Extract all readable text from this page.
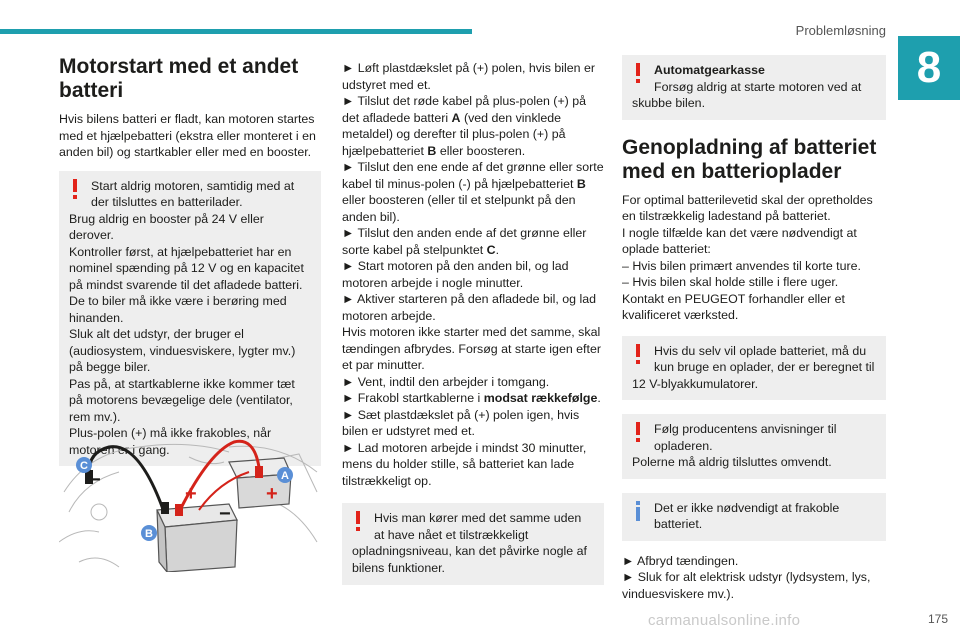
Problemløsning
8
Motorstart med et andet batteri

Hvis bilens batteri er fladt, kan motoren startes med et hjælpebatteri (ekstra eller monteret i en anden bil) og startkabler eller med en booster.

Start aldrig motoren, samtidig med at der tilsluttes en batterilader.

Brug aldrig en booster på 24 V eller derover.

Kontroller først, at hjælpebatteriet har en nominel spænding på 12 V og en kapacitet på mindst svarende til det afladede batteri.

De to biler må ikke være i berøring med hinanden.

Sluk alt det udstyr, der bruger el (audiosystem, vinduesviskere, lygter mv.) på begge biler.

Pas på, at startkablerne ikke kommer tæt på motorens bevægelige dele (ventilator, rem mv.).

Plus-polen (+) må ikke frakobles, når motoren er i gang.

+	+
−
−
C
A
B

► Løft plastdækslet på (+) polen, hvis bilen er udstyret med et.

► Tilslut det røde kabel på plus-polen (+) på det afladede batteri A (ved den vinklede metaldel) og derefter til plus-polen (+) på hjælpebatteriet B eller boosteren.

► Tilslut den ene ende af det grønne eller sorte kabel til minus-polen (-) på hjælpebatteriet B eller boosteren (eller til et stelpunkt på den anden bil).

► Tilslut den anden ende af det grønne eller sorte kabel på stelpunktet C.

► Start motoren på den anden bil, og lad motoren arbejde i nogle minutter.

► Aktiver starteren på den afladede bil, og lad motoren arbejde.

Hvis motoren ikke starter med det samme, skal tændingen afbrydes. Forsøg at starte igen efter et par minutter.

► Vent, indtil den arbejder i tomgang.

► Frakobl startkablerne i modsat rækkefølge.

► Sæt plastdækslet på (+) polen igen, hvis bilen er udstyret med et.

► Lad motoren arbejde i mindst 30 minutter, mens du holder stille, så batteriet kan lade tilstrækkeligt op.

Hvis man kører med det samme uden at have nået et tilstrækkeligt

opladningsniveau, kan det påvirke nogle af bilens funktioner.

Automatgearkasse
Forsøg aldrig at starte motoren ved at

skubbe bilen.

Genopladning af batteriet med en batterioplader

For optimal batterilevetid skal der opretholdes en tilstrækkelig ladestand på batteriet.

I nogle tilfælde kan det være nødvendigt at oplade batteriet:

– Hvis bilen primært anvendes til korte ture.

– Hvis bilen skal holde stille i flere uger.

Kontakt en PEUGEOT forhandler eller et kvalificeret værksted.

Hvis du selv vil oplade batteriet, må du kun bruge en oplader, der er beregnet til

12 V-blyakkumulatorer.

Følg producentens anvisninger til opladeren.

Polerne må aldrig tilsluttes omvendt.

Det er ikke nødvendigt at frakoble batteriet.

► Afbryd tændingen.

► Sluk for alt elektrisk udstyr (lydsystem, lys, vinduesviskere mv.).

carmanualsonline.info	175
